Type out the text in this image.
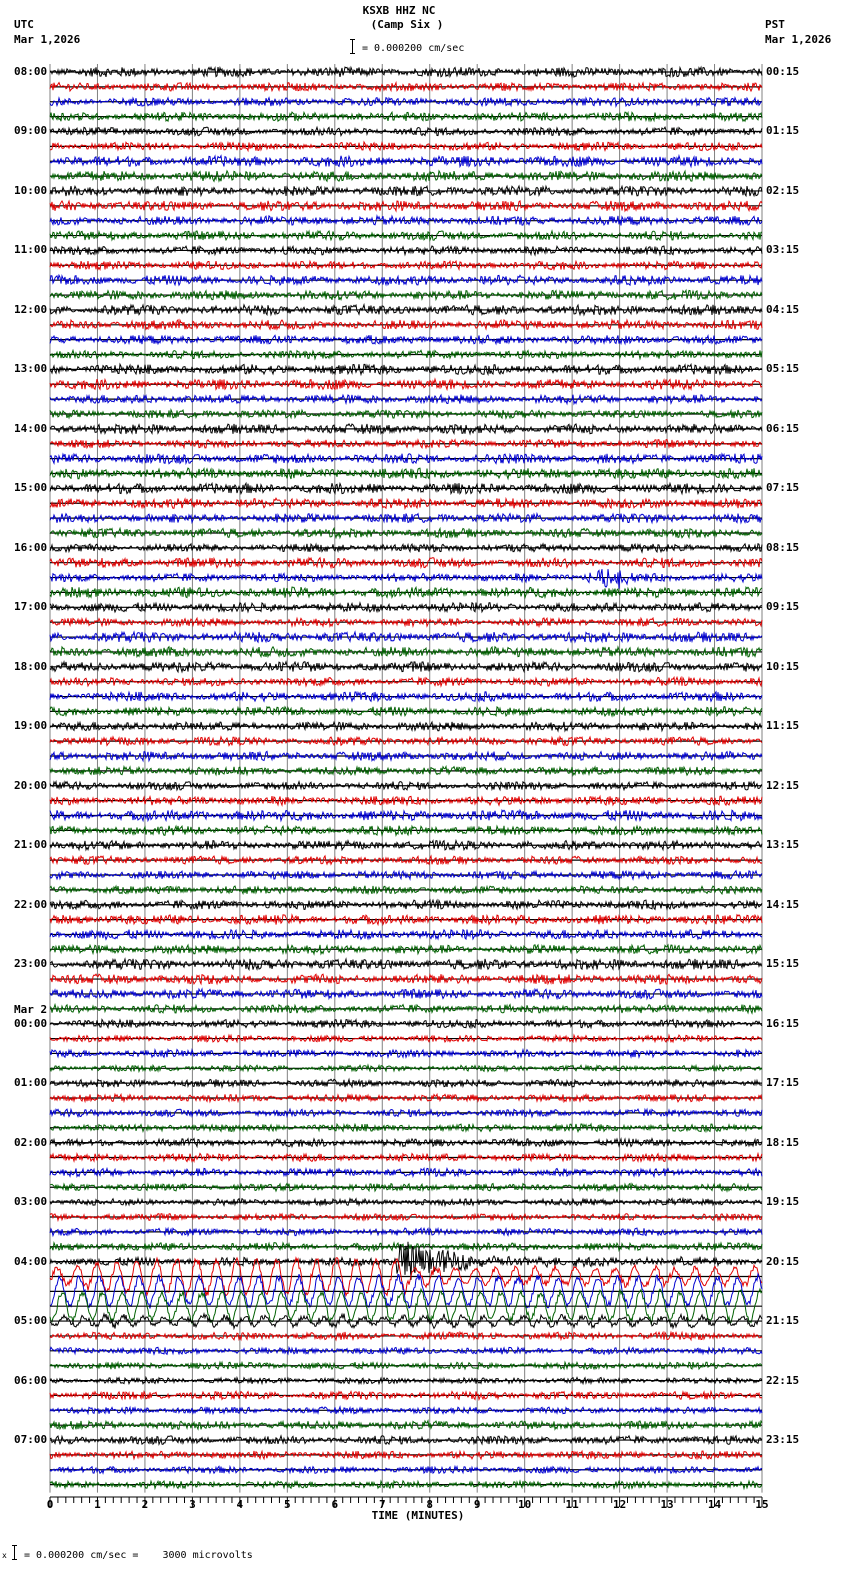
KSXB HHZ NC
(Camp Six )
UTC
Mar 1,2026
PST
Mar 1,2026
= 0.000200 cm/sec
08:00
09:00
10:00
11:00
12:00
13:00
14:00
15:00
16:00
17:00
18:00
19:00
20:00
21:00
22:00
23:00
00:00
01:00
02:00
03:00
04:00
05:00
06:00
07:00
00:15
01:15
02:15
03:15
04:15
05:15
06:15
07:15
08:15
09:15
10:15
11:15
12:15
13:15
14:15
15:15
16:15
17:15
18:15
19:15
20:15
21:15
22:15
23:15
Mar 2
0	1	2	3	4	5	6	7	8	9	10	11	12	13	14	15
TIME (MINUTES)
x = 0.000200 cm/sec =    3000 microvolts
